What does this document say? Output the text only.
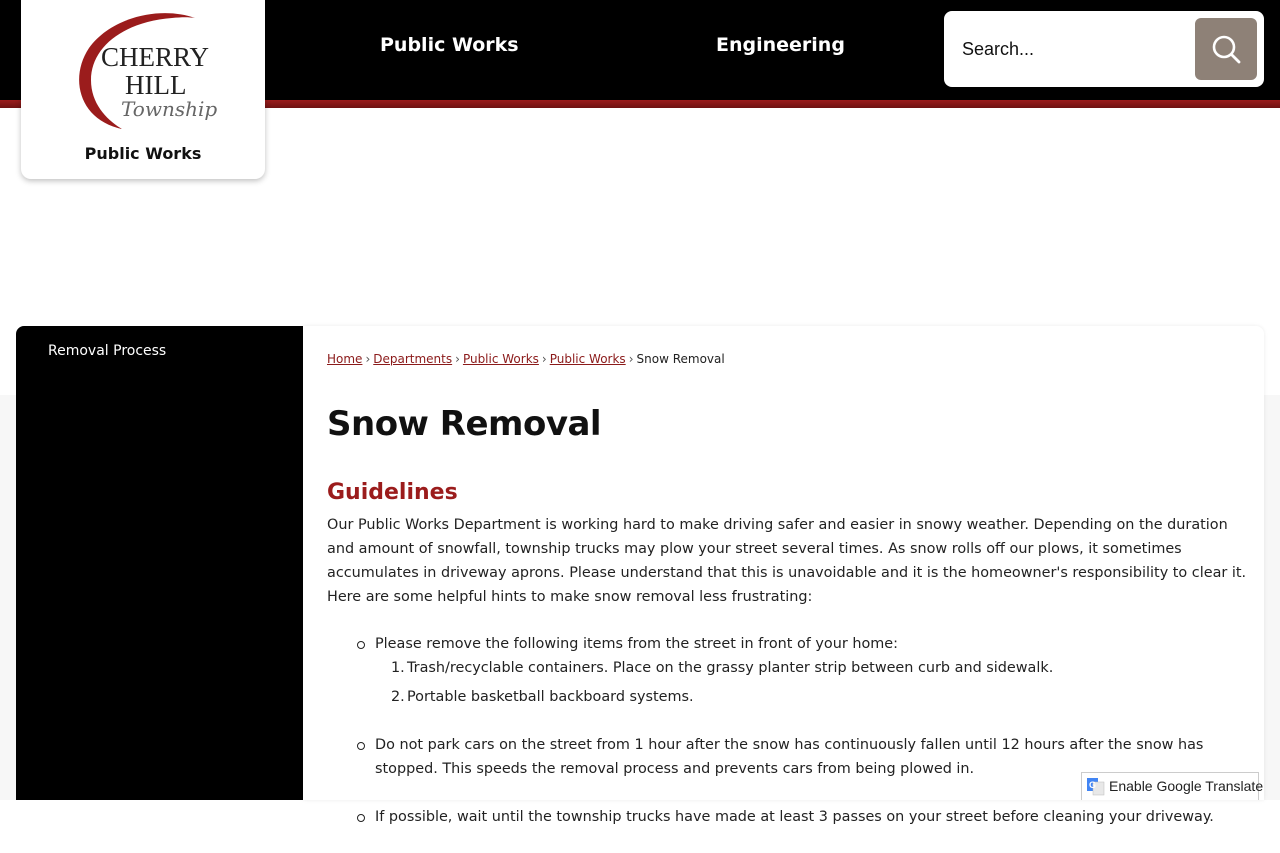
CHERRY
HILL
Township
Public Works
Public Works	Engineering
Search...
Removal Process	Home › Departments › Public Works › Public Works › Snow Removal
Snow Removal
Guidelines

Our Public Works Department is working hard to make driving safer and easier in snowy weather. Depending on the duration and amount of snowfall, township trucks may plow your street several times. As snow rolls off our plows, it sometimes accumulates in driveway aprons. Please understand that this is unavoidable and it is the homeowner's responsibility to clear it. Here are some helpful hints to make snow removal less frustrating:

Please remove the following items from the street in front of your home:
1. Trash/recyclable containers. Place on the grassy planter strip between curb and sidewalk.
2. Portable basketball backboard systems.
Do not park cars on the street from 1 hour after the snow has continuously fallen until 12 hours after the snow has stopped. This speeds the removal process and prevents cars from being plowed in.
If possible, wait until the township trucks have made at least 3 passes on your street before cleaning your driveway.
G Enable Google Translate
